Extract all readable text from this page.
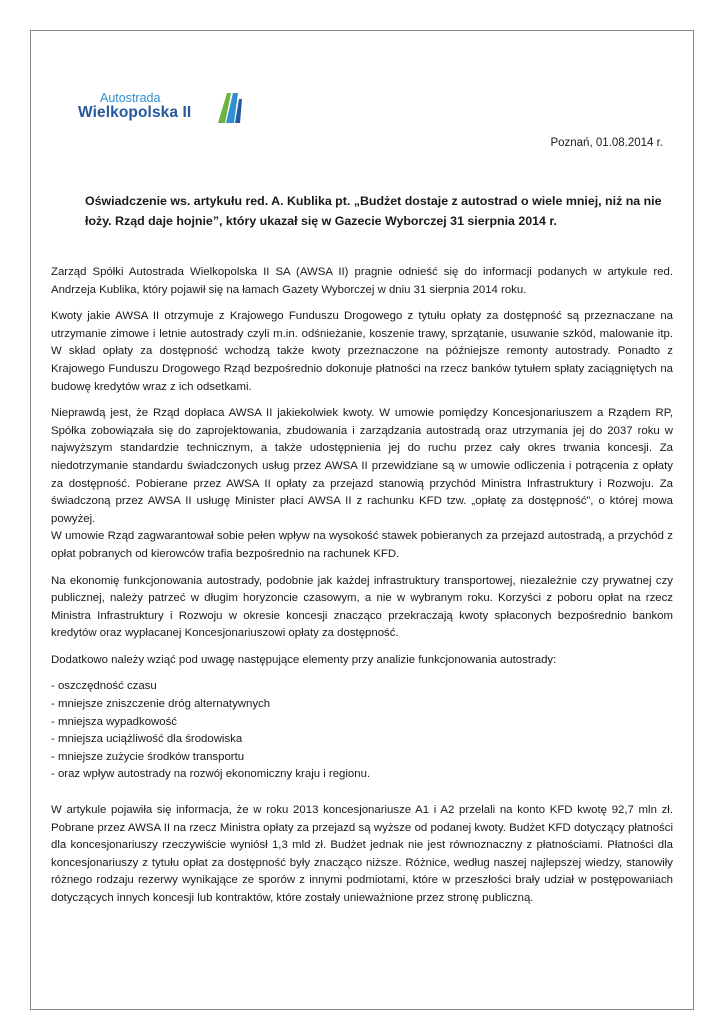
Autostrada
Wielkopolska II
Poznań, 01.08.2014 r.
Oświadczenie ws. artykułu red. A. Kublika pt. „Budżet dostaje z autostrad o wiele mniej, niż na nie łoży. Rząd daje hojnie”, który ukazał się w Gazecie Wyborczej 31 sierpnia 2014 r.

Zarząd Spółki Autostrada Wielkopolska II SA (AWSA II) pragnie odnieść się do informacji podanych w artykule red. Andrzeja Kublika, który pojawił się na łamach Gazety Wyborczej w dniu 31 sierpnia 2014 roku.

Kwoty jakie AWSA II otrzymuje z Krajowego Funduszu Drogowego z tytułu opłaty za dostępność są przeznaczane na utrzymanie zimowe i letnie autostrady czyli m.in. odśnieżanie, koszenie trawy, sprzątanie, usuwanie szkód, malowanie itp. W skład opłaty za dostępność wchodzą także kwoty przeznaczone na późniejsze remonty autostrady. Ponadto z Krajowego Funduszu Drogowego Rząd bezpośrednio dokonuje płatności na rzecz banków tytułem spłaty zaciągniętych na budowę kredytów wraz z ich odsetkami.

Nieprawdą jest, że Rząd dopłaca AWSA II jakiekolwiek kwoty. W umowie pomiędzy Koncesjonariuszem a Rządem RP, Spółka zobowiązała się do zaprojektowania, zbudowania i zarządzania autostradą oraz utrzymania jej do 2037 roku w najwyższym standardzie technicznym, a także udostępnienia jej do ruchu przez cały okres trwania koncesji. Za niedotrzymanie standardu świadczonych usług przez AWSA II przewidziane są w umowie odliczenia i potrącenia z opłaty za dostępność. Pobierane przez AWSA II opłaty za przejazd stanowią przychód Ministra Infrastruktury i Rozwoju. Za świadczoną przez AWSA II usługę Minister płaci AWSA II z rachunku KFD tzw. „opłatę za dostępność”, o której mowa powyżej.

W umowie Rząd zagwarantował sobie pełen wpływ na wysokość stawek pobieranych za przejazd autostradą, a przychód z opłat pobranych od kierowców trafia bezpośrednio na rachunek KFD.

Na ekonomię funkcjonowania autostrady, podobnie jak każdej infrastruktury transportowej, niezależnie czy prywatnej czy publicznej, należy patrzeć w długim horyzoncie czasowym, a nie w wybranym roku. Korzyści z poboru opłat na rzecz Ministra Infrastruktury i Rozwoju w okresie koncesji znacząco przekraczają kwoty spłaconych bezpośrednio bankom kredytów oraz wypłacanej Koncesjonariuszowi opłaty za dostępność.

Dodatkowo należy wziąć pod uwagę następujące elementy przy analizie funkcjonowania autostrady:

- oszczędność czasu
- mniejsze zniszczenie dróg alternatywnych
- mniejsza wypadkowość
- mniejsza uciążliwość dla środowiska
- mniejsze zużycie środków transportu
- oraz wpływ autostrady na rozwój ekonomiczny kraju i regionu.

W artykule pojawiła się informacja, że w roku 2013 koncesjonariusze A1 i A2 przelali na konto KFD kwotę 92,7 mln zł. Pobrane przez AWSA II na rzecz Ministra opłaty za przejazd są wyższe od podanej kwoty. Budżet KFD dotyczący płatności dla koncesjonariuszy rzeczywiście wyniósł 1,3 mld zł. Budżet jednak nie jest równoznaczny z płatnościami. Płatności dla koncesjonariuszy z tytułu opłat za dostępność były znacząco niższe. Różnice, według naszej najlepszej wiedzy, stanowiły różnego rodzaju rezerwy wynikające ze sporów z innymi podmiotami, które w przeszłości brały udział w postępowaniach dotyczących innych koncesji lub kontraktów, które zostały unieważnione przez stronę publiczną.
